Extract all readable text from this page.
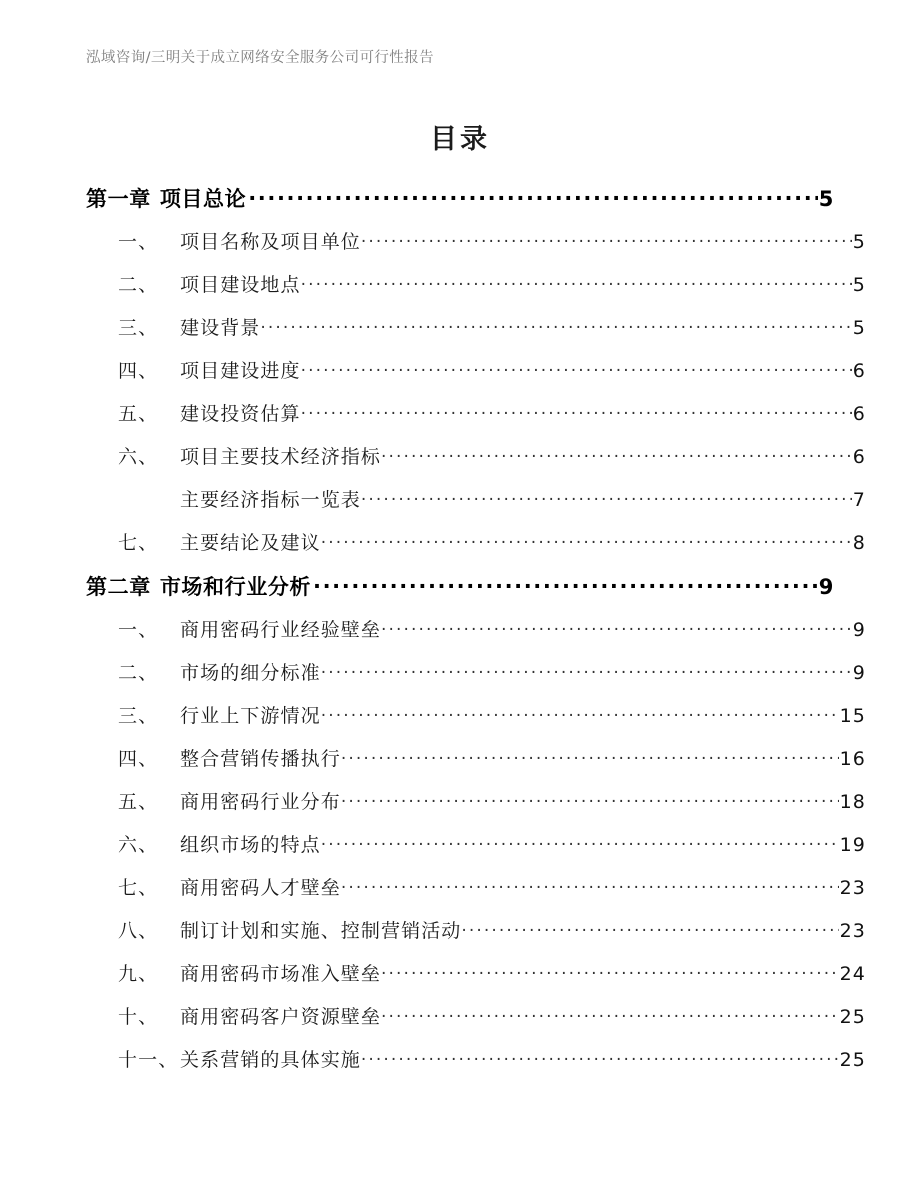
泓域咨询/三明关于成立网络安全服务公司可行性报告
目录
第一章 项目总论 .....	5
一、	项目名称及项目单位 .....	5
二、	项目建设地点 .....	5
三、	建设背景 .....	5
四、	项目建设进度 .....	6
五、	建设投资估算 .....	6
六、	项目主要技术经济指标 .....	6
主要经济指标一览表 .....	7
七、	主要结论及建议 .....	8
第二章 市场和行业分析 .....	9
一、	商用密码行业经验壁垒 .....	9
二、	市场的细分标准 .....	9
三、	行业上下游情况 .....	15
四、	整合营销传播执行 .....	16
五、	商用密码行业分布 .....	18
六、	组织市场的特点 .....	19
七、	商用密码人才壁垒 .....	23
八、	制订计划和实施、控制营销活动 .....	23
九、	商用密码市场准入壁垒 .....	24
十、	商用密码客户资源壁垒 .....	25
十一、 关系营销的具体实施 .....	25
